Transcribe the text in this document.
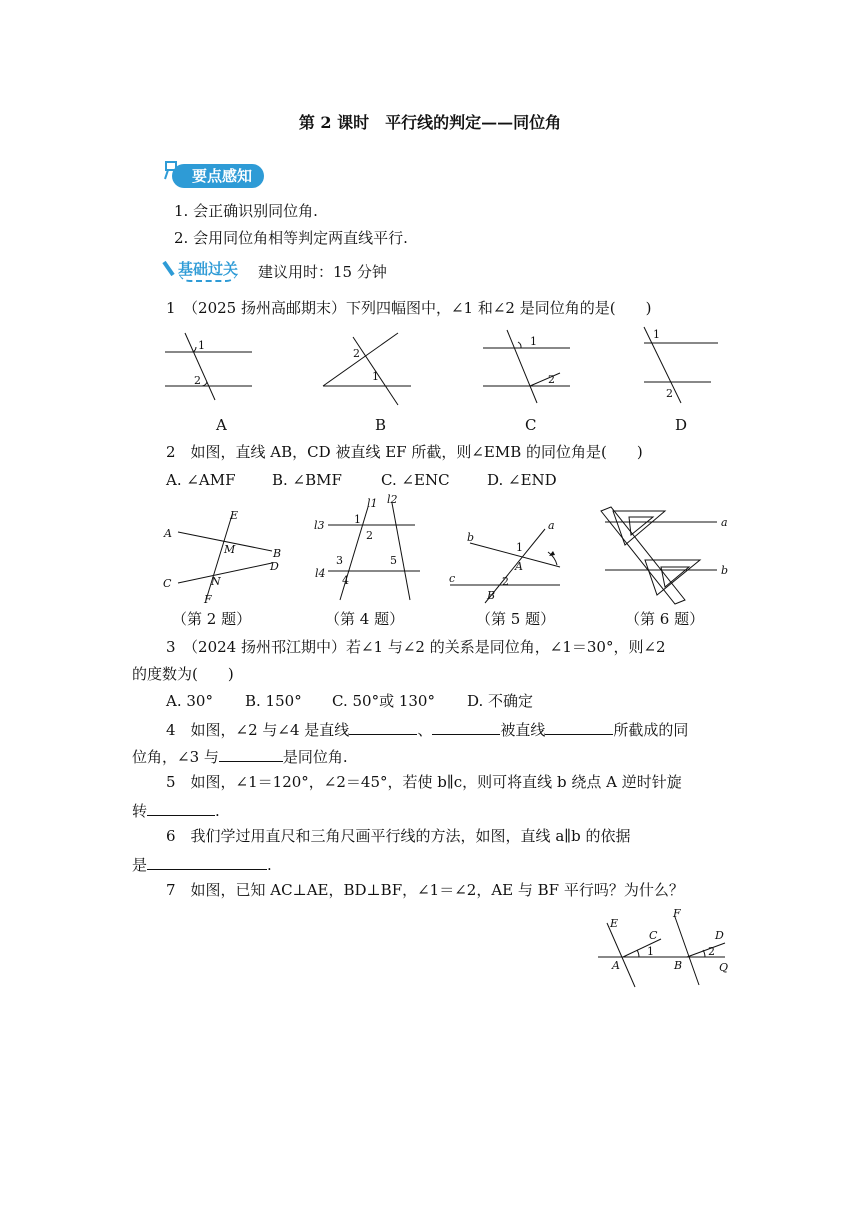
第 2 课时　平行线的判定——同位角
要点感知
1. 会正确识别同位角.
2. 会用同位角相等判定两直线平行.
基础过关 建议用时：15 分钟
1　（2025 扬州高邮期末）下列四幅图中，∠1 和∠2 是同位角的是(　　)
1
2
A
2
1
B
1
2
C
1
2
D
2　如图，直线 AB，CD 被直线 EF 所截，则∠EMB 的同位角是(　　)
A. ∠AMF B. ∠BMF	C. ∠ENC D. ∠END
E
A
M	B
C	N
D
F
l1 l2
l3	1
2
3
4
5
l4
b
a
1
A
2
B
c
a
b
（第 2 题）	（第 4 题）	（第 5 题）	（第 6 题）
3　（2024 扬州邗江期中）若∠1 与∠2 的关系是同位角，∠1＝30°，则∠2
的度数为(　　)
A. 30° B. 150° C. 50°或 130° D. 不确定
4　如图，∠2 与∠4 是直线	、	被直线	所截成的同
位角，∠3 与	是同位角.
5　如图，∠1＝120°，∠2＝45°，若使 b∥c，则可将直线 b 绕点 A 逆时针旋
转	.
6　我们学过用直尺和三角尺画平行线的方法，如图，直线 a∥b 的依据
是	.
7　如图，已知 AC⊥AE，BD⊥BF，∠1＝∠2，AE 与 BF 平行吗？为什么？
E
F
C	D
1	2
A	B	Q
